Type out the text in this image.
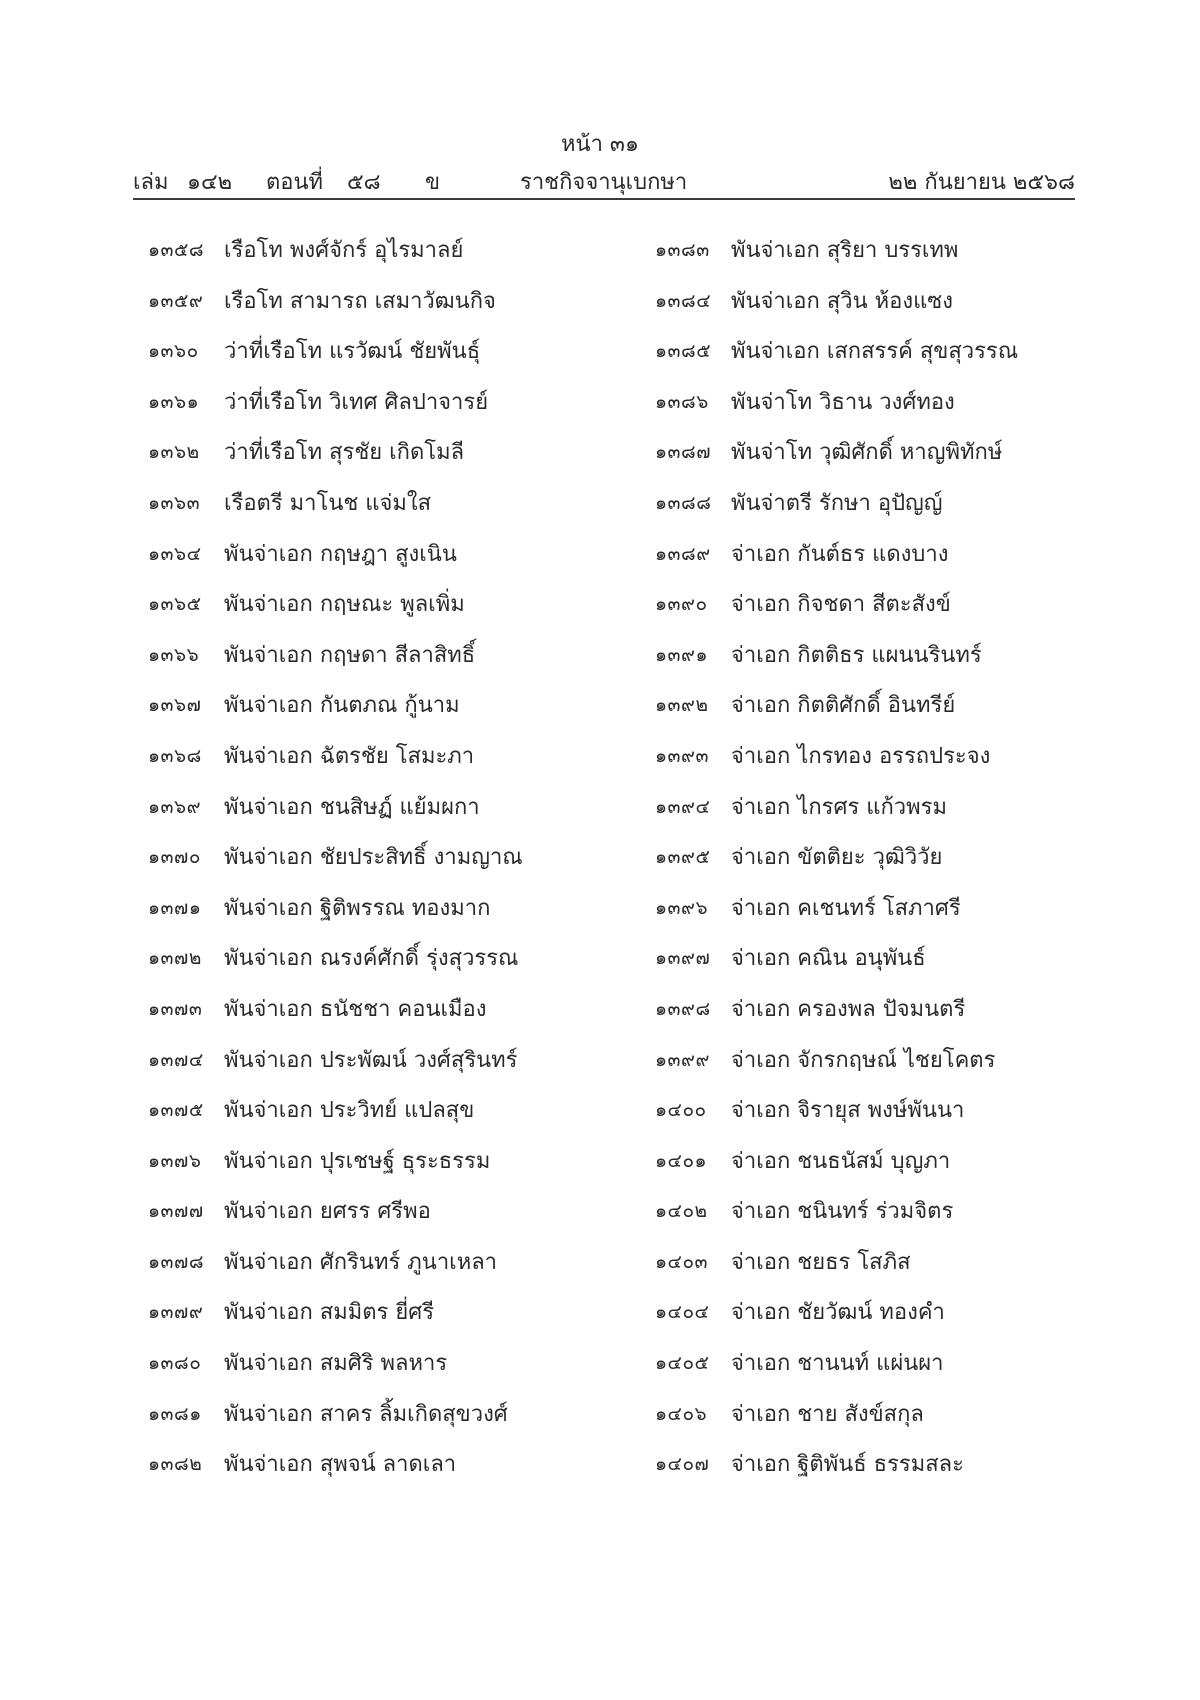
หน้า ๓๑
เล่ม ๑๔๒ ตอนที่ ๕๘ ข	ราชกิจจานุเบกษา	๒๒ กันยายน ๒๕๖๘
๑๓๕๘ เรือโท พงศ์จักร์ อุไรมาลย์
๑๓๕๙ เรือโท สามารถ เสมาวัฒนกิจ
๑๓๖๐	ว่าที่เรือโท แรวัฒน์ ชัยพันธุ์
๑๓๖๑	ว่าที่เรือโท วิเทศ ศิลปาจารย์
๑๓๖๒	ว่าที่เรือโท สุรชัย เกิดโมลี
๑๓๖๓	เรือตรี มาโนช แจ่มใส
๑๓๖๔	พันจ่าเอก กฤษฎา สูงเนิน
๑๓๖๕	พันจ่าเอก กฤษณะ พูลเพิ่ม
๑๓๖๖	พันจ่าเอก กฤษดา สีลาสิทธิ์
๑๓๖๗	พันจ่าเอก กันตภณ กู้นาม
๑๓๖๘	พันจ่าเอก ฉัตรชัย โสมะภา
๑๓๖๙	พันจ่าเอก ชนสิษฏ์ แย้มผกา
๑๓๗๐	พันจ่าเอก ชัยประสิทธิ์ งามญาณ
๑๓๗๑	พันจ่าเอก ฐิติพรรณ ทองมาก
๑๓๗๒	พันจ่าเอก ณรงค์ศักดิ์ รุ่งสุวรรณ
๑๓๗๓ พันจ่าเอก ธนัชชา คอนเมือง
๑๓๗๔ พันจ่าเอก ประพัฒน์ วงศ์สุรินทร์
๑๓๗๕ พันจ่าเอก ประวิทย์ แปลสุข
๑๓๗๖	พันจ่าเอก ปุรเชษฐ์ ธุระธรรม
๑๓๗๗ พันจ่าเอก ยศรร ศรีพอ
๑๓๗๘ พันจ่าเอก ศักรินทร์ ภูนาเหลา
๑๓๗๙ พันจ่าเอก สมมิตร ยี่ศรี
๑๓๘๐	พันจ่าเอก สมศิริ พลหาร
๑๓๘๑	พันจ่าเอก สาคร ลิ้มเกิดสุขวงศ์
๑๓๘๒ พันจ่าเอก สุพจน์ ลาดเลา
๑๓๘๓ พันจ่าเอก สุริยา บรรเทพ
๑๓๘๔ พันจ่าเอก สุวิน ห้องแซง
๑๓๘๕ พันจ่าเอก เสกสรรค์ สุขสุวรรณ
๑๓๘๖	พันจ่าโท วิธาน วงศ์ทอง
๑๓๘๗ พันจ่าโท วุฒิศักดิ์ หาญพิทักษ์
๑๓๘๘ พันจ่าตรี รักษา อุปัญญ์
๑๓๘๙ จ่าเอก กันต์ธร แดงบาง
๑๓๙๐	จ่าเอก กิจชดา สีตะสังข์
๑๓๙๑	จ่าเอก กิตติธร แผนนรินทร์
๑๓๙๒	จ่าเอก กิตติศักดิ์ อินทรีย์
๑๓๙๓	จ่าเอก ไกรทอง อรรถประจง
๑๓๙๔ จ่าเอก ไกรศร แก้วพรม
๑๓๙๕ จ่าเอก ขัตติยะ วุฒิวิวัย
๑๓๙๖	จ่าเอก คเชนทร์ โสภาศรี
๑๓๙๗ จ่าเอก คณิน อนุพันธ์
๑๓๙๘ จ่าเอก ครองพล ปัจมนตรี
๑๓๙๙ จ่าเอก จักรกฤษณ์ ไชยโคตร
๑๔๐๐	จ่าเอก จิรายุส พงษ์พันนา
๑๔๐๑	จ่าเอก ชนธนัสม์ บุญภา
๑๔๐๒	จ่าเอก ชนินทร์ ร่วมจิตร
๑๔๐๓	จ่าเอก ชยธร โสภิส
๑๔๐๔ จ่าเอก ชัยวัฒน์ ทองคำ
๑๔๐๕ จ่าเอก ชานนท์ แผ่นผา
๑๔๐๖	จ่าเอก ชาย สังข์สกุล
๑๔๐๗ จ่าเอก ฐิติพันธ์ ธรรมสละ
